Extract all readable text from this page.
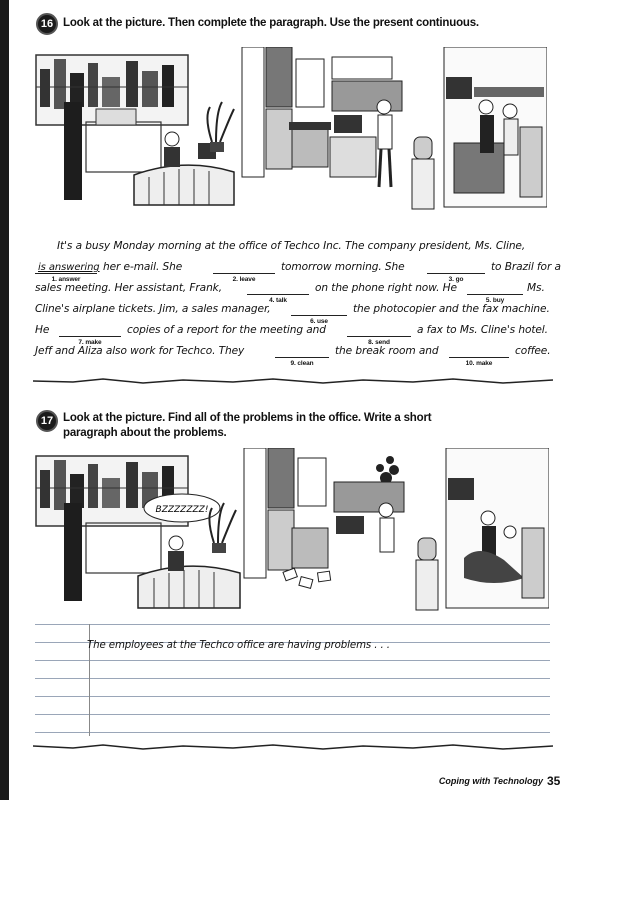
16 Look at the picture. Then complete the paragraph. Use the present continuous.
It's a busy Monday morning at the office of Techco Inc. The company president, Ms. Cline,
is answering
1. answer
her e-mail. She
2. leave
tomorrow morning. She
3. go
to Brazil for a
sales meeting. Her assistant, Frank,
4. talk
on the phone right now. He
5. buy
Ms.
Cline's airplane tickets. Jim, a sales manager,
6. use
the photocopier and the fax machine.
He
7. make
copies of a report for the meeting and
8. send
a fax to Ms. Cline's hotel.
Jeff and Aliza also work for Techco. They
9. clean
the break room and
10. make
coffee.
17 Look at the picture. Find all of the problems in the office. Write a short
paragraph about the problems.
BZZZZZZZ!
The employees at the Techco office are having problems . . .
Coping with Technology 35
